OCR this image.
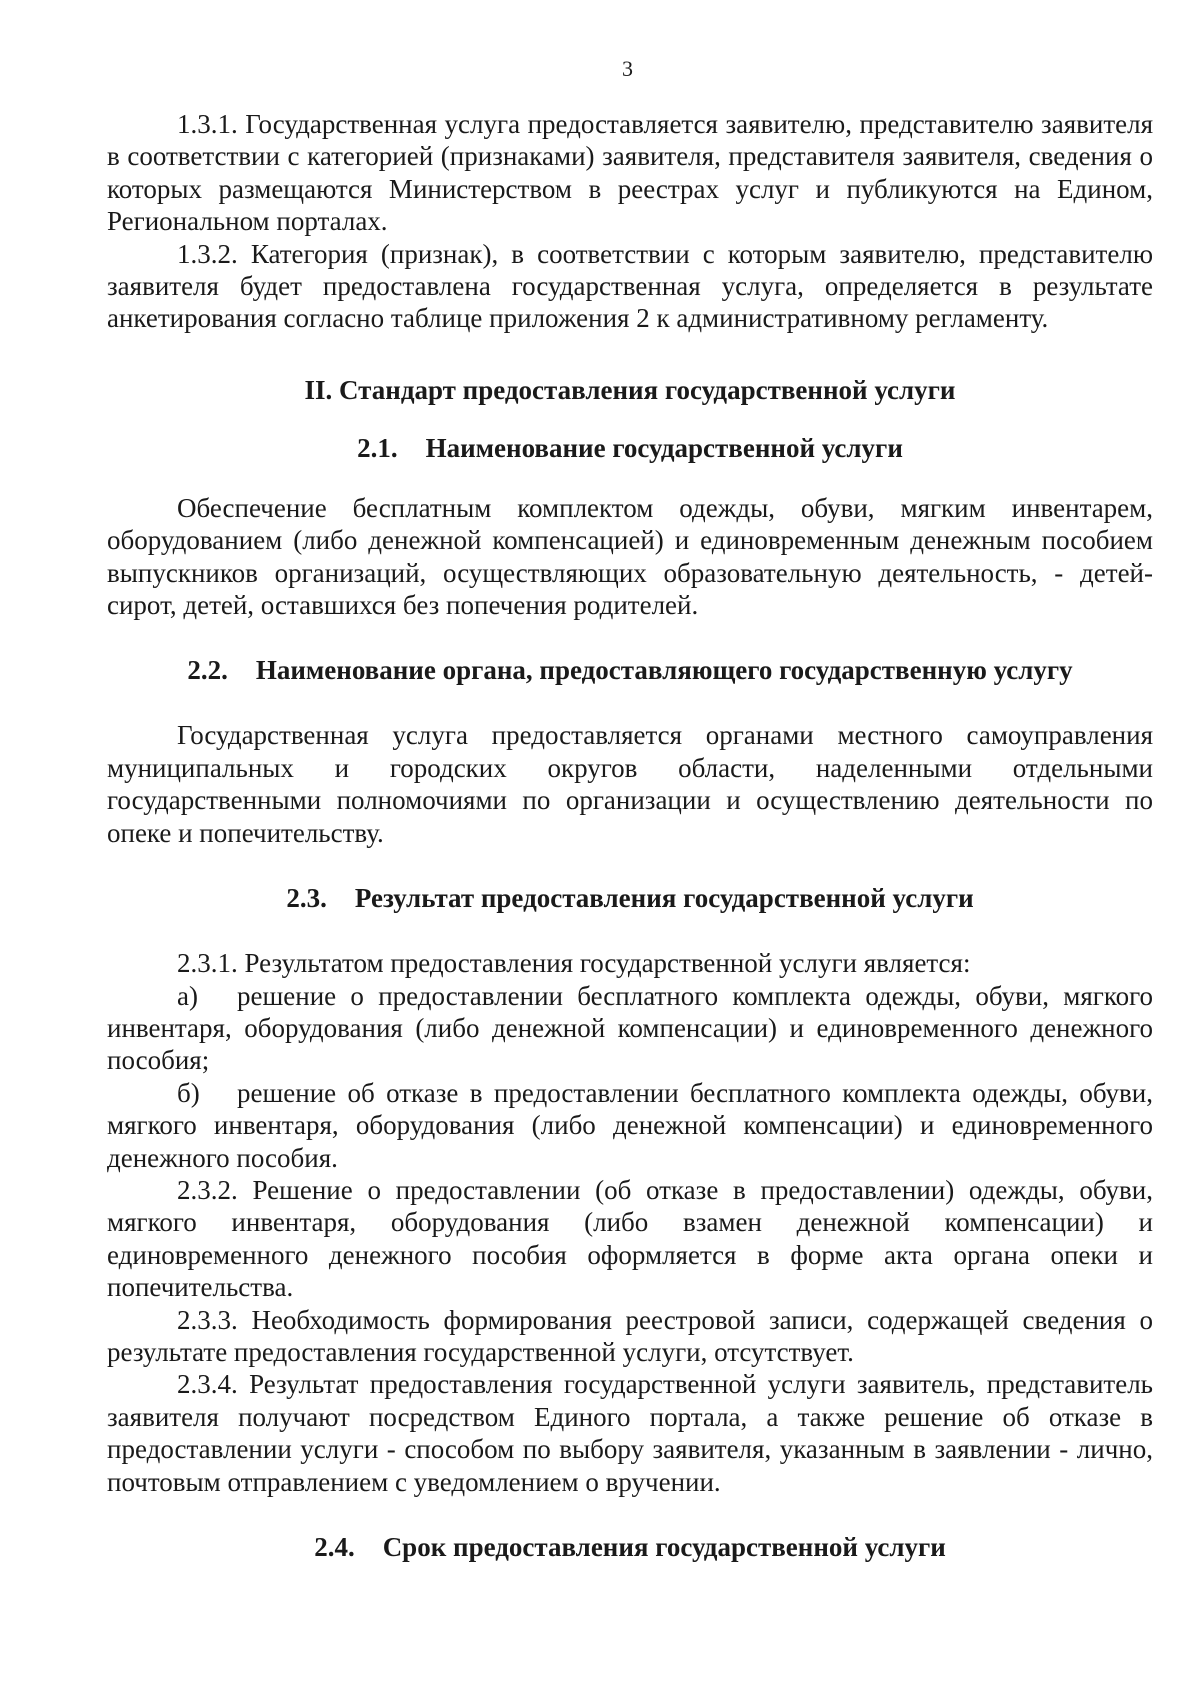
3

1.3.1. Государственная услуга предоставляется заявителю, представителю заявителя в соответствии с категорией (признаками) заявителя, представителя заявителя, сведения о которых размещаются Министерством в реестрах услуг и публикуются на Едином, Региональном порталах.

1.3.2. Категория (признак), в соответствии с которым заявителю, представителю заявителя будет предоставлена государственная услуга, определяется в результате анкетирования согласно таблице приложения 2 к административному регламенту.

II. Стандарт предоставления государственной услуги
2.1. Наименование государственной услуги

Обеспечение бесплатным комплектом одежды, обуви, мягким инвентарем, оборудованием (либо денежной компенсацией) и единовременным денежным пособием выпускников организаций, осуществляющих образовательную деятельность, - детей-сирот, детей, оставшихся без попечения родителей.

2.2. Наименование органа, предоставляющего государственную услугу

Государственная услуга предоставляется органами местного самоуправления муниципальных и городских округов области, наделенными отдельными государственными полномочиями по организации и осуществлению деятельности по опеке и попечительству.

2.3. Результат предоставления государственной услуги

2.3.1. Результатом предоставления государственной услуги является:

а) решение о предоставлении бесплатного комплекта одежды, обуви, мягкого инвентаря, оборудования (либо денежной компенсации) и единовременного денежного пособия;

б) решение об отказе в предоставлении бесплатного комплекта одежды, обуви, мягкого инвентаря, оборудования (либо денежной компенсации) и единовременного денежного пособия.

2.3.2. Решение о предоставлении (об отказе в предоставлении) одежды, обуви, мягкого инвентаря, оборудования (либо взамен денежной компенсации) и единовременного денежного пособия оформляется в форме акта органа опеки и попечительства.

2.3.3. Необходимость формирования реестровой записи, содержащей сведения о результате предоставления государственной услуги, отсутствует.

2.3.4. Результат предоставления государственной услуги заявитель, представитель заявителя получают посредством Единого портала, а также решение об отказе в предоставлении услуги - способом по выбору заявителя, указанным в заявлении - лично, почтовым отправлением с уведомлением о вручении.

2.4. Срок предоставления государственной услуги
